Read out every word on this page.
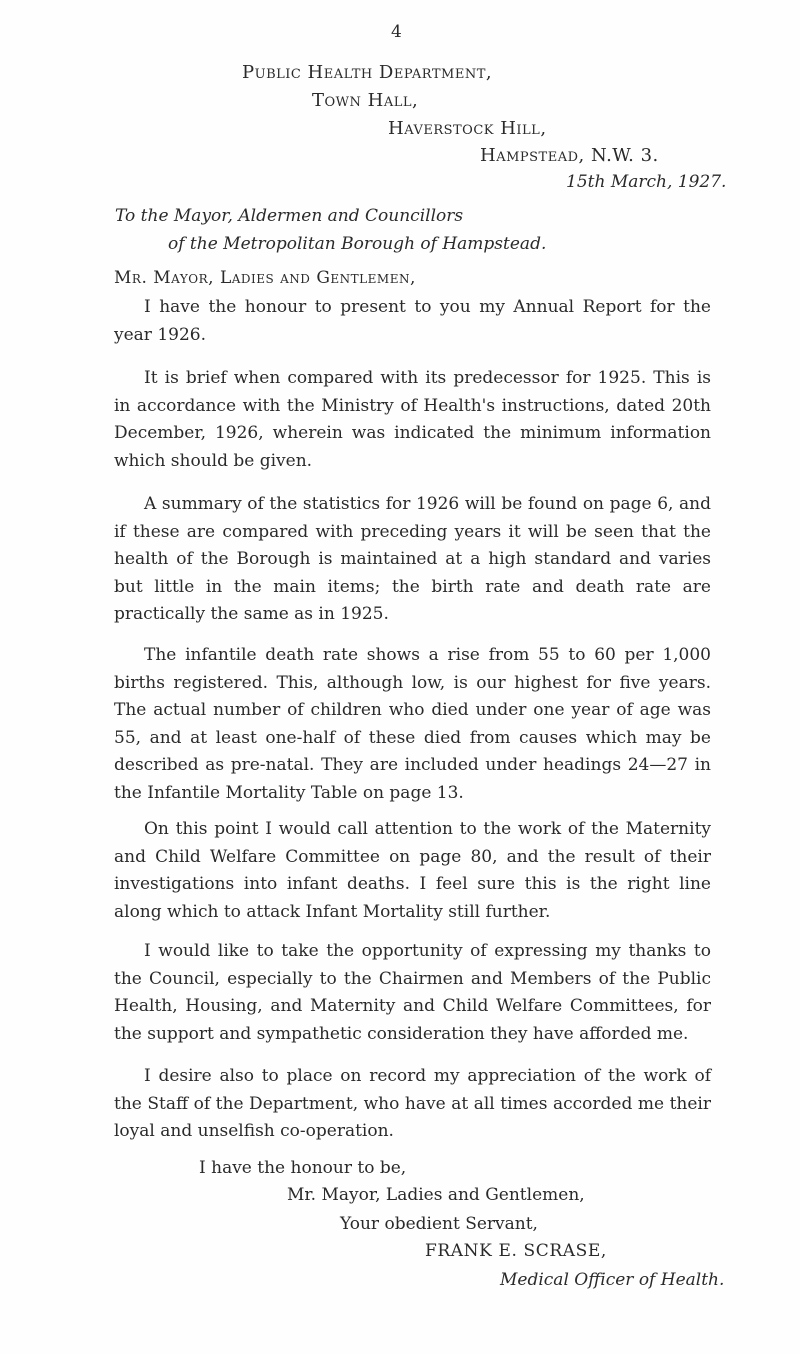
4
Public Health Department,
Town Hall,
Haverstock Hill,
Hampstead, N.W. 3.
15th March, 1927.
To the Mayor, Aldermen and Councillors
of the Metropolitan Borough of Hampstead.
Mr. Mayor, Ladies and Gentlemen,

I have the honour to present to you my Annual Report for the year 1926.

It is brief when compared with its predecessor for 1925. This is in accordance with the Ministry of Health's instructions, dated 20th December, 1926, wherein was indicated the minimum information which should be given.

A summary of the statistics for 1926 will be found on page 6, and if these are compared with preceding years it will be seen that the health of the Borough is maintained at a high standard and varies but little in the main items; the birth rate and death rate are practically the same as in 1925.

The infantile death rate shows a rise from 55 to 60 per 1,000 births registered. This, although low, is our highest for five years. The actual number of children who died under one year of age was 55, and at least one-half of these died from causes which may be described as pre-natal. They are included under headings 24—27 in the Infantile Mortality Table on page 13.

On this point I would call attention to the work of the Maternity and Child Welfare Committee on page 80, and the result of their investigations into infant deaths. I feel sure this is the right line along which to attack Infant Mortality still further.

I would like to take the opportunity of expressing my thanks to the Council, especially to the Chairmen and Members of the Public Health, Housing, and Maternity and Child Welfare Committees, for the support and sympathetic consideration they have afforded me.

I desire also to place on record my appreciation of the work of the Staff of the Department, who have at all times accorded me their loyal and unselfish co-operation.

I have the honour to be,
Mr. Mayor, Ladies and Gentlemen,
Your obedient Servant,
FRANK E. SCRASE,
Medical Officer of Health.
